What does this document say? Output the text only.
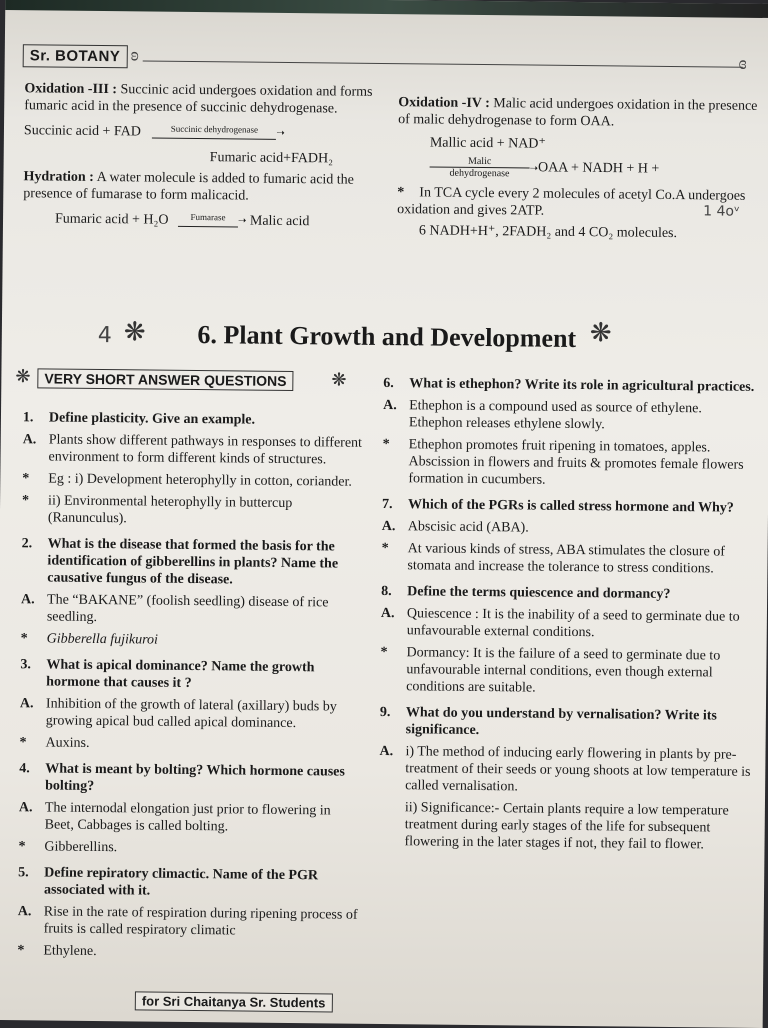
Sr. BOTANY ʚ	ɞ

Oxidation -III : Succinic acid undergoes oxidation and forms fumaric acid in the presence of succinic dehydrogenase.

Succinic acid + FAD	Succinic dehydrogenase ➝

Fumaric acid+FADH₂

Hydration : A water molecule is added to fumaric acid the presence of fumarase to form malicacid.

Fumaric acid + H₂O Fumarase ➝ Malic acid

Oxidation -IV : Malic acid undergoes oxidation in the presence of malic dehydrogenase to form OAA.

Mallic acid + NAD⁺

Malic
dehydrogenase	➝OAA + NADH + H +

* In TCA cycle every 2 molecules of acetyl Co.A undergoes oxidation and gives 2ATP.

6 NADH+H⁺, 2FADH₂ and 4 CO₂ molecules.

1 4oᵛ
4 ❋	6. Plant Growth and Development ❋
❋ VERY SHORT ANSWER QUESTIONS	❋

1.	Define plasticity. Give an example.

A. Plants show different pathways in responses to different environment to form different kinds of structures.

*	Eg : i) Development heterophylly in cotton, coriander.

*	ii) Environmental heterophylly in buttercup (Ranunculus).

2.	What is the disease that formed the basis for the identification of gibberellins in plants? Name the causative fungus of the disease.

A. The “BAKANE” (foolish seedling) disease of rice seedling.

*	Gibberella fujikuroi

3.	What is apical dominance? Name the growth hormone that causes it ?

A. Inhibition of the growth of lateral (axillary) buds by growing apical bud called apical dominance.

*	Auxins.

4.	What is meant by bolting? Which hormone causes bolting?

A. The internodal elongation just prior to flowering in Beet, Cabbages is called bolting.

*	Gibberellins.

5.	Define repiratory climactic. Name of the PGR associated with it.

A. Rise in the rate of respiration during ripening process of fruits is called respiratory climatic

*	Ethylene.

6.	What is ethephon? Write its role in agricultural practices.

A. Ethephon is a compound used as source of ethylene. Ethephon releases ethylene slowly.

*	Ethephon promotes fruit ripening in tomatoes, apples. Abscission in flowers and fruits & promotes female flowers formation in cucumbers.

7.	Which of the PGRs is called stress hormone and Why?

A. Abscisic acid (ABA).

*	At various kinds of stress, ABA stimulates the closure of stomata and increase the tolerance to stress conditions.

8.	Define the terms quiescence and dormancy?

A. Quiescence : It is the inability of a seed to germinate due to unfavourable external conditions.

*	Dormancy: It is the failure of a seed to germinate due to unfavourable internal conditions, even though external conditions are suitable.

9.	What do you understand by vernalisation? Write its significance.

A. i) The method of inducing early flowering in plants by pre-treatment of their seeds or young shoots at low temperature is called vernalisation.

ii) Significance:- Certain plants require a low temperature treatment during early stages of the life for subsequent flowering in the later stages if not, they fail to flower.

for Sri Chaitanya Sr. Students
